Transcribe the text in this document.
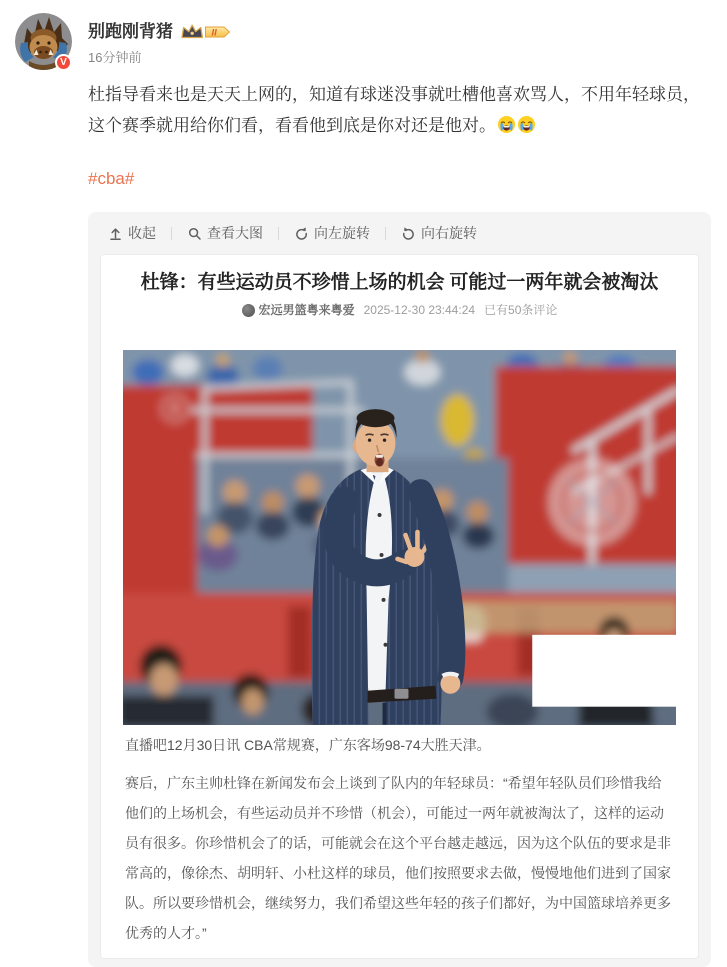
V
别跑刚背猪	II
16分钟前
杜指导看来也是天天上网的，知道有球迷没事就吐槽他喜欢骂人，不用年轻球员，这个赛季就用给你们看，看看他到底是你对还是他对。
#cba#
收起	查看大图	向左旋转	向右旋转
杜锋：有些运动员不珍惜上场的机会 可能过一两年就会被淘汰
宏远男篮粤来粤爱 2025-12-30 23:44:24 已有50条评论
8

直播吧12月30日讯 CBA常规赛，广东客场98-74大胜天津。

赛后，广东主帅杜锋在新闻发布会上谈到了队内的年轻球员：“希望年轻队员们珍惜我给他们的上场机会，有些运动员并不珍惜（机会），可能过一两年就被淘汰了，这样的运动员有很多。你珍惜机会了的话，可能就会在这个平台越走越远，因为这个队伍的要求是非常高的，像徐杰、胡明轩、小杜这样的球员，他们按照要求去做，慢慢地他们进到了国家队。所以要珍惜机会，继续努力，我们希望这些年轻的孩子们都好，为中国篮球培养更多优秀的人才。”
